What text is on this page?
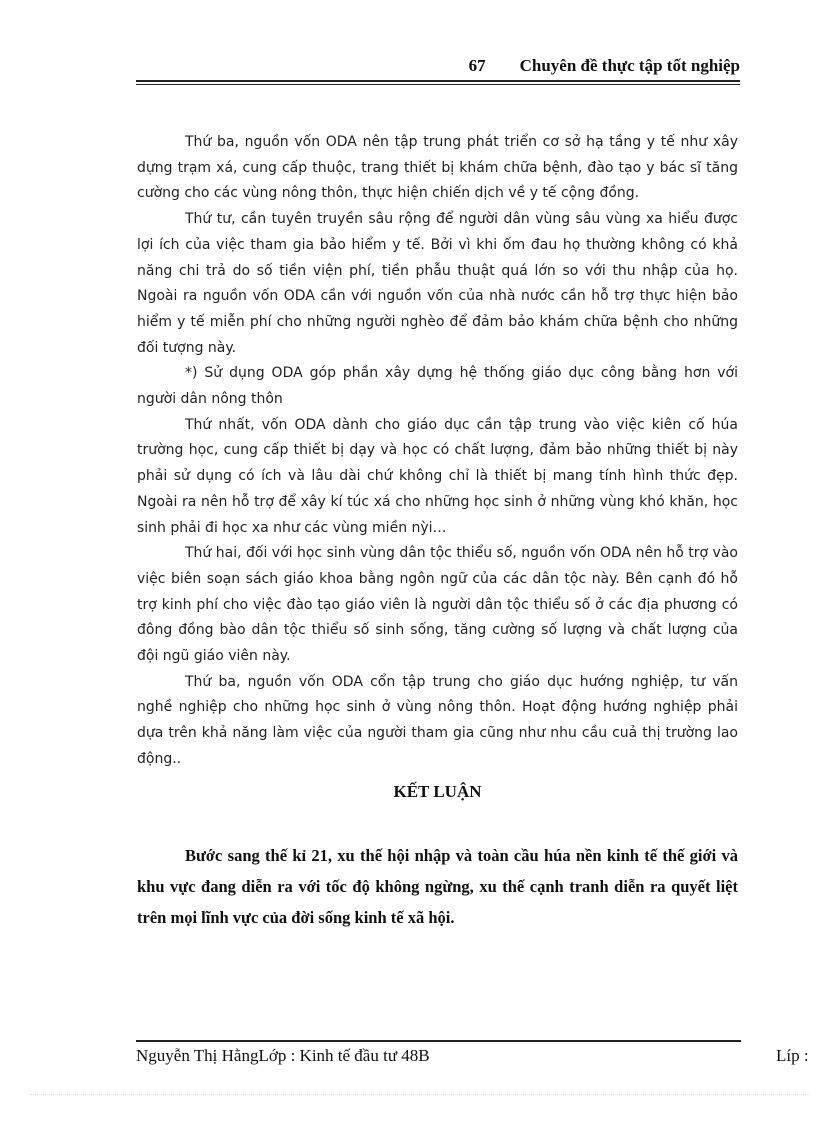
67 Chuyên đề thực tập tốt nghiệp

Thứ ba, nguồn vốn ODA nên tập trung phát triển cơ sở hạ tầng y tế như xây dựng trạm xá, cung cấp thuộc, trang thiết bị khám chữa bệnh, đào tạo y bác sĩ tăng cường cho các vùng nông thôn, thực hiện chiến dịch về y tế cộng đồng.

Thứ tư, cần tuyên truyền sâu rộng để người dân vùng sâu vùng xa hiểu được lợi ích của việc tham gia bảo hiểm y tế. Bởi vì khi ốm đau họ thường không có khả năng chi trả do số tiền viện phí, tiền phẫu thuật quá lớn so với thu nhập của họ. Ngoài ra nguồn vốn ODA cần với nguồn vốn của nhà nước cần hỗ trợ thực hiện bảo hiểm y tế miễn phí cho những người nghèo để đảm bảo khám chữa bệnh cho những đối tượng này.

*) Sử dụng ODA góp phần xây dựng hệ thống giáo dục công bằng hơn với người dân nông thôn

Thứ nhất, vốn ODA dành cho giáo dục cần tập trung vào việc kiên cố húa trường học, cung cấp thiết bị dạy và học có chất lượng, đảm bảo những thiết bị này phải sử dụng có ích và lâu dài chứ không chỉ là thiết bị mang tính hình thức đẹp. Ngoài ra nên hỗ trợ để xây kí túc xá cho những học sinh ở những vùng khó khăn, học sinh phải đi học xa như các vùng miền nỳi…

Thứ hai, đối với học sinh vùng dân tộc thiểu số, nguồn vốn ODA nên hỗ trợ vào việc biên soạn sách giáo khoa bằng ngôn ngữ của các dân tộc này. Bên cạnh đó hỗ trợ kinh phí cho việc đào tạo giáo viên là người dân tộc thiểu số ở các địa phương có đông đồng bào dân tộc thiểu số sinh sống, tăng cường số lượng và chất lượng của đội ngũ giáo viên này.

Thứ ba, nguồn vốn ODA cổn tập trung cho giáo dục hướng nghiệp, tư vấn nghề nghiệp cho những học sinh ở vùng nông thôn. Hoạt động hướng nghiệp phải dựa trên khả năng làm việc của người tham gia cũng như nhu cầu cuả thị trường lao động..

KẾT LUẬN

Bước sang thế kỉ 21, xu thế hội nhập và toàn cầu húa nền kinh tế thế giới và khu vực đang diễn ra với tốc độ không ngừng, xu thế cạnh tranh diễn ra quyết liệt trên mọi lĩnh vực của đời sống kinh tế xã hội.

Nguyễn Thị HằngLớp : Kinh tế đầu tư 48B	Líp :
